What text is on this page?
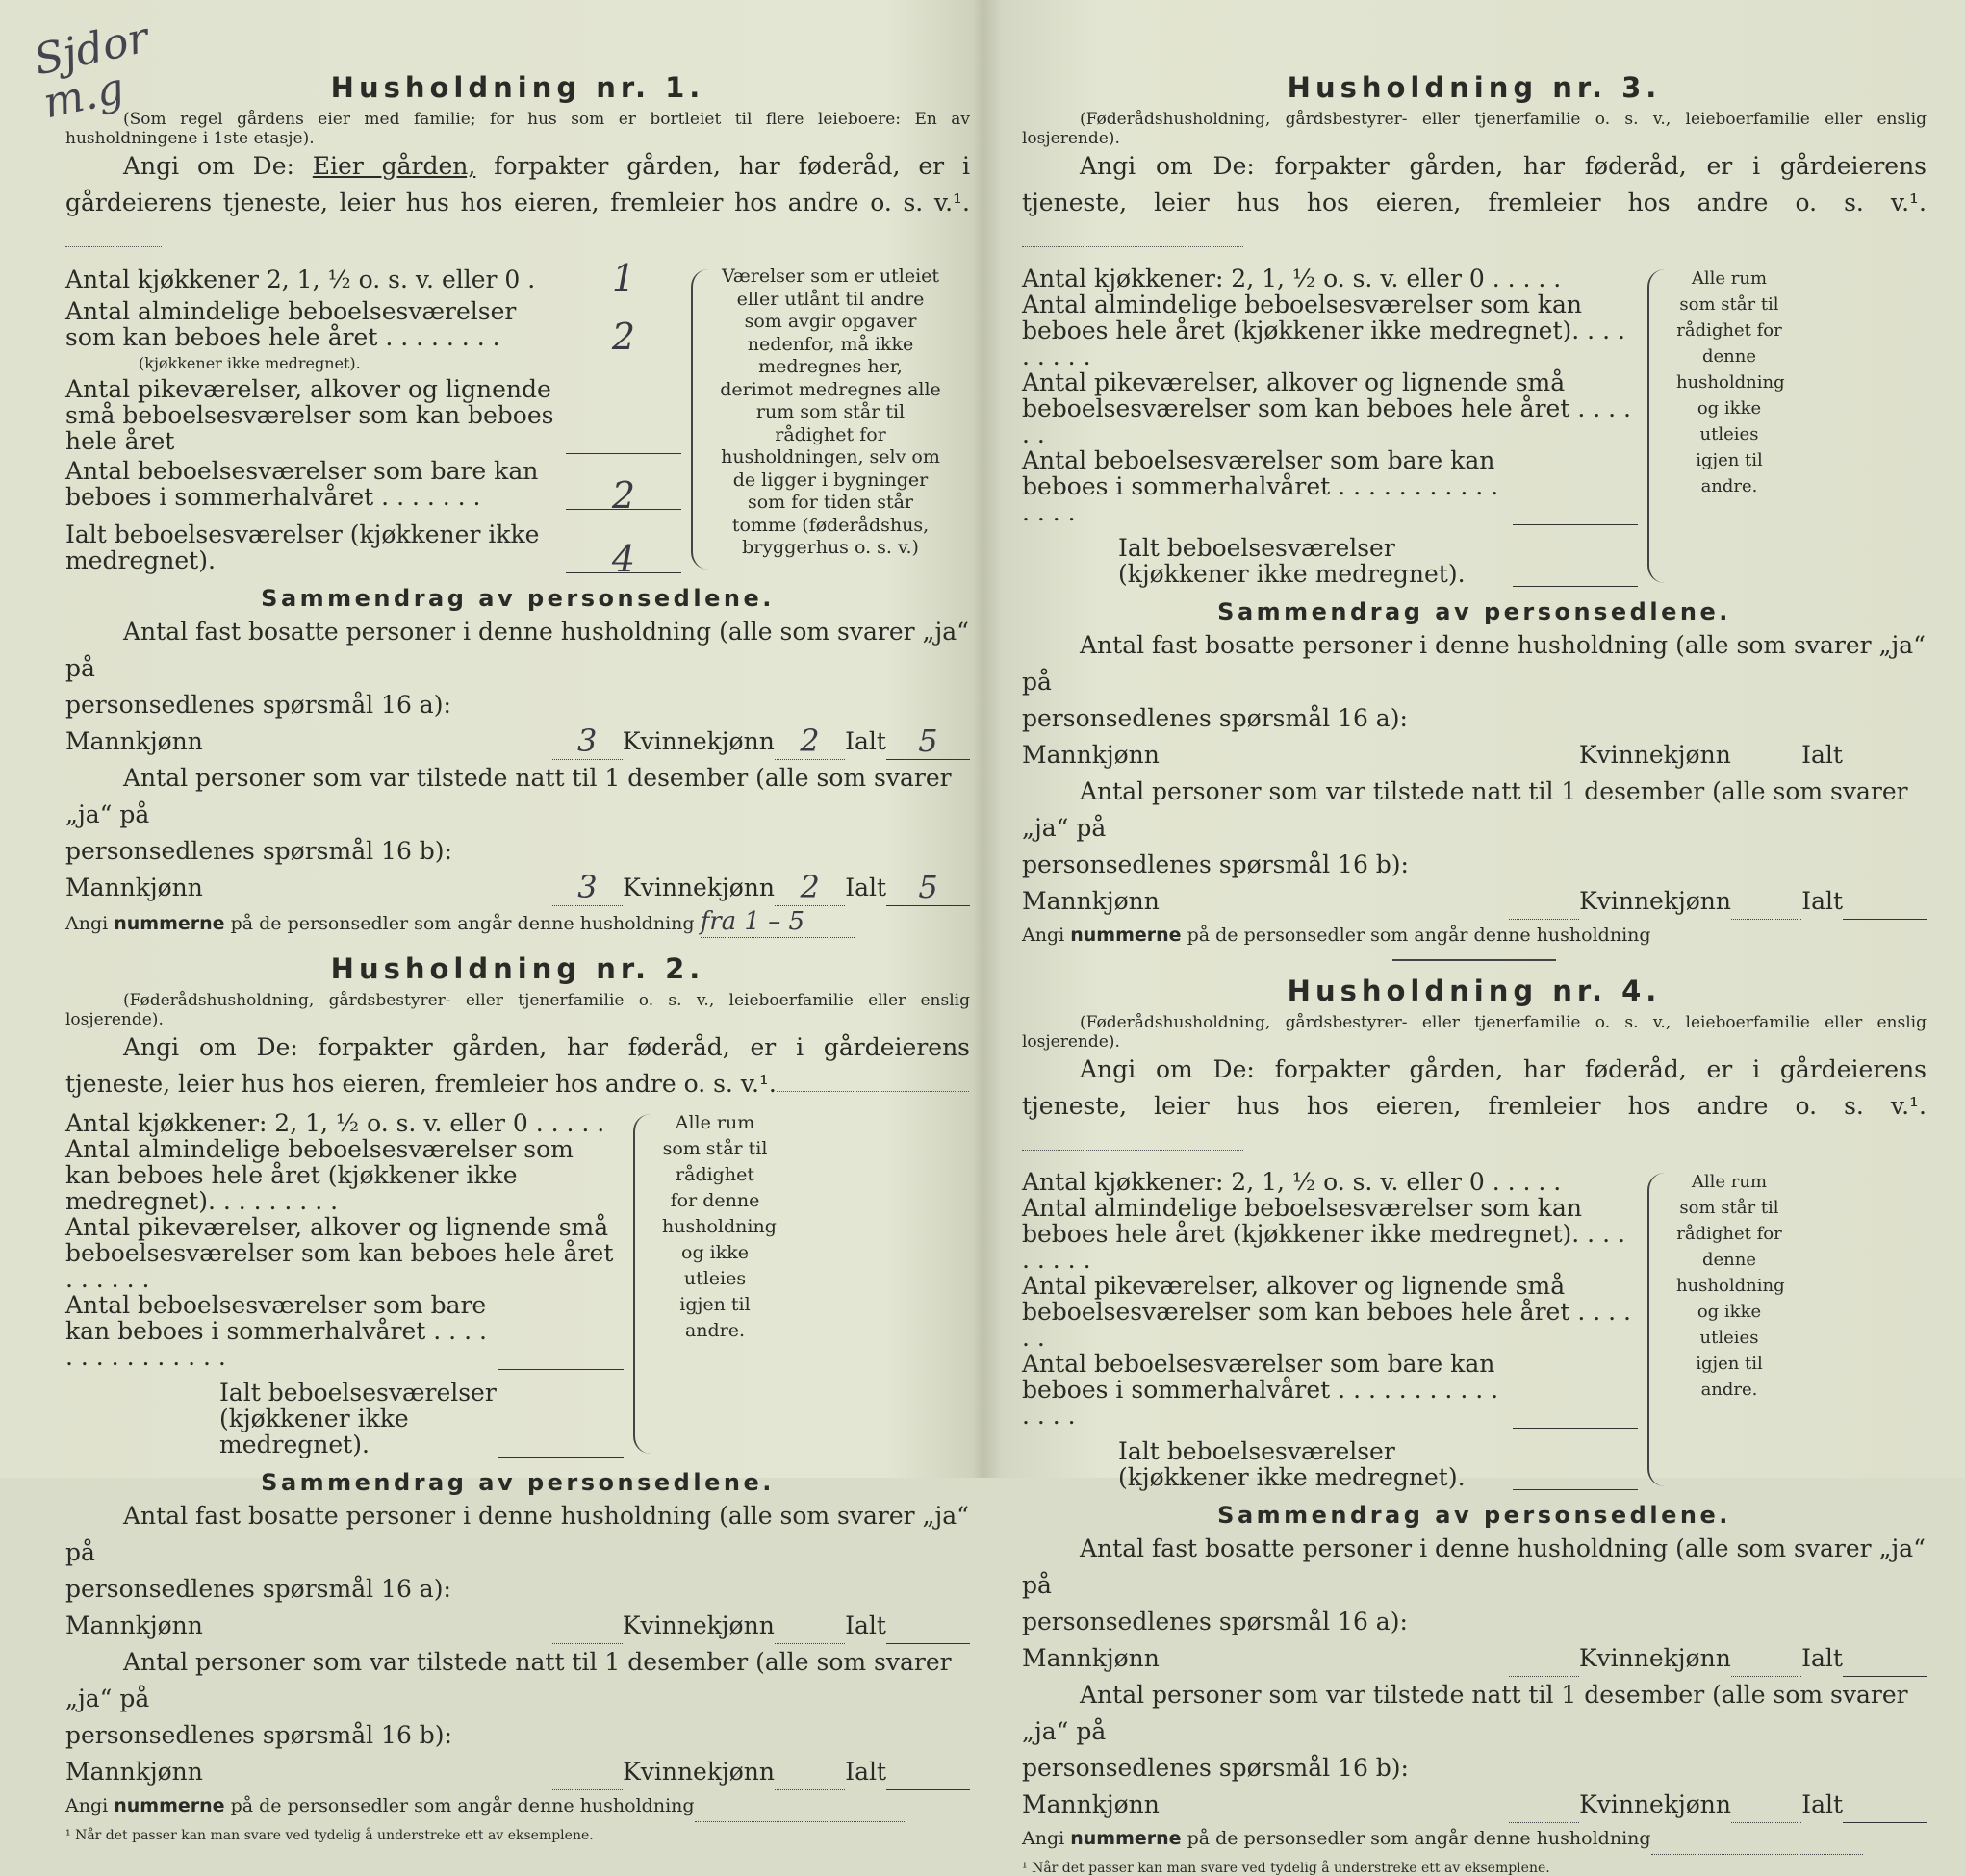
Sjdor
m.g	Husholdning nr. 1.
(Som regel gårdens eier med familie; for hus som er bortleiet til flere leieboere: En av husholdningene i 1ste etasje).
Angi om De: Eier gården, forpakter gården, har føderåd, er i gårdeierens tjeneste, leier hus hos eieren, fremleier hos andre o. s. v.¹.
Antal kjøkkener 2, 1, ½ o. s. v. eller 0 .	1
Antal almindelige beboelsesværelser som kan beboes hele året . . . . . . . .	2
(kjøkkener ikke medregnet).
Antal pikeværelser, alkover og lignende små beboelsesværelser som kan beboes hele året
Antal beboelsesværelser som bare kan beboes i sommerhalvåret . . . . . . .	2
Ialt beboelsesværelser (kjøkkener ikke medregnet).	4
Værelser som er utleiet eller utlånt til andre som avgir opgaver nedenfor, må ikke medregnes her, derimot medregnes alle rum som står til rådighet for husholdningen, selv om de ligger i bygninger som for tiden står tomme (føderådshus, bryggerhus o. s. v.)
Sammendrag av personsedlene.
Antal fast bosatte personer i denne husholdning (alle som svarer „ja“ på
personsedlenes spørsmål 16 a): Mannkjønn	3	Kvinnekjønn 2	Ialt	5
Antal personer som var tilstede natt til 1 desember (alle som svarer „ja“ på
personsedlenes spørsmål 16 b): Mannkjønn	3	Kvinnekjønn 2	Ialt	5
Angi nummerne på de personsedler som angår denne husholdning fra 1 – 5
Husholdning nr. 2.
(Føderådshusholdning, gårdsbestyrer- eller tjenerfamilie o. s. v., leieboerfamilie eller enslig losjerende).
Angi om De: forpakter gården, har føderåd, er i gårdeierens tjeneste, leier hus hos eieren, fremleier hos andre o. s. v.¹.
Antal kjøkkener: 2, 1, ½ o. s. v. eller 0 . . . . .
Antal almindelige beboelsesværelser som kan beboes hele året (kjøkkener ikke medregnet). . . . . . . . .
Antal pikeværelser, alkover og lignende små beboelsesværelser som kan beboes hele året . . . . . .
Antal beboelsesværelser som bare kan beboes i sommerhalvåret . . . . . . . . . . . . . . .
Ialt beboelsesværelser (kjøkkener ikke medregnet).
Alle rum som står til rådighet for denne husholdning og ikke utleies igjen til andre.
Sammendrag av personsedlene.
Antal fast bosatte personer i denne husholdning (alle som svarer „ja“ på
personsedlenes spørsmål 16 a): Mannkjønn	Kvinnekjønn	Ialt

Antal personer som var tilstede natt til 1 desember (alle som svarer „ja“ på
personsedlenes spørsmål 16 b): Mannkjønn	Kvinnekjønn	Ialt

Angi nummerne på de personsedler som angår denne husholdning
¹ Når det passer kan man svare ved tydelig å understreke ett av eksemplene.
Husholdning nr. 3.
(Føderådshusholdning, gårdsbestyrer- eller tjenerfamilie o. s. v., leieboerfamilie eller enslig losjerende).
Angi om De: forpakter gården, har føderåd, er i gårdeierens tjeneste, leier hus hos eieren, fremleier hos andre o. s. v.¹.
Antal kjøkkener: 2, 1, ½ o. s. v. eller 0 . . . . .
Antal almindelige beboelsesværelser som kan beboes hele året (kjøkkener ikke medregnet). . . . . . . . .
Antal pikeværelser, alkover og lignende små beboelsesværelser som kan beboes hele året . . . . . .
Antal beboelsesværelser som bare kan beboes i sommerhalvåret . . . . . . . . . . . . . . .
Ialt beboelsesværelser (kjøkkener ikke medregnet).
Alle rum som står til rådighet for denne husholdning og ikke utleies igjen til andre.
Sammendrag av personsedlene.
Antal fast bosatte personer i denne husholdning (alle som svarer „ja“ på
personsedlenes spørsmål 16 a): Mannkjønn	Kvinnekjønn	Ialt

Antal personer som var tilstede natt til 1 desember (alle som svarer „ja“ på
personsedlenes spørsmål 16 b): Mannkjønn	Kvinnekjønn	Ialt

Angi nummerne på de personsedler som angår denne husholdning
Husholdning nr. 4.
(Føderådshusholdning, gårdsbestyrer- eller tjenerfamilie o. s. v., leieboerfamilie eller enslig losjerende).
Angi om De: forpakter gården, har føderåd, er i gårdeierens tjeneste, leier hus hos eieren, fremleier hos andre o. s. v.¹.
Antal kjøkkener: 2, 1, ½ o. s. v. eller 0 . . . . .
Antal almindelige beboelsesværelser som kan beboes hele året (kjøkkener ikke medregnet). . . . . . . . .
Antal pikeværelser, alkover og lignende små beboelsesværelser som kan beboes hele året . . . . . .
Antal beboelsesværelser som bare kan beboes i sommerhalvåret . . . . . . . . . . . . . . .
Ialt beboelsesværelser (kjøkkener ikke medregnet).
Alle rum som står til rådighet for denne husholdning og ikke utleies igjen til andre.
Sammendrag av personsedlene.
Antal fast bosatte personer i denne husholdning (alle som svarer „ja“ på
personsedlenes spørsmål 16 a): Mannkjønn	Kvinnekjønn	Ialt

Antal personer som var tilstede natt til 1 desember (alle som svarer „ja“ på
personsedlenes spørsmål 16 b): Mannkjønn	Kvinnekjønn	Ialt

Angi nummerne på de personsedler som angår denne husholdning
¹ Når det passer kan man svare ved tydelig å understreke ett av eksemplene.
